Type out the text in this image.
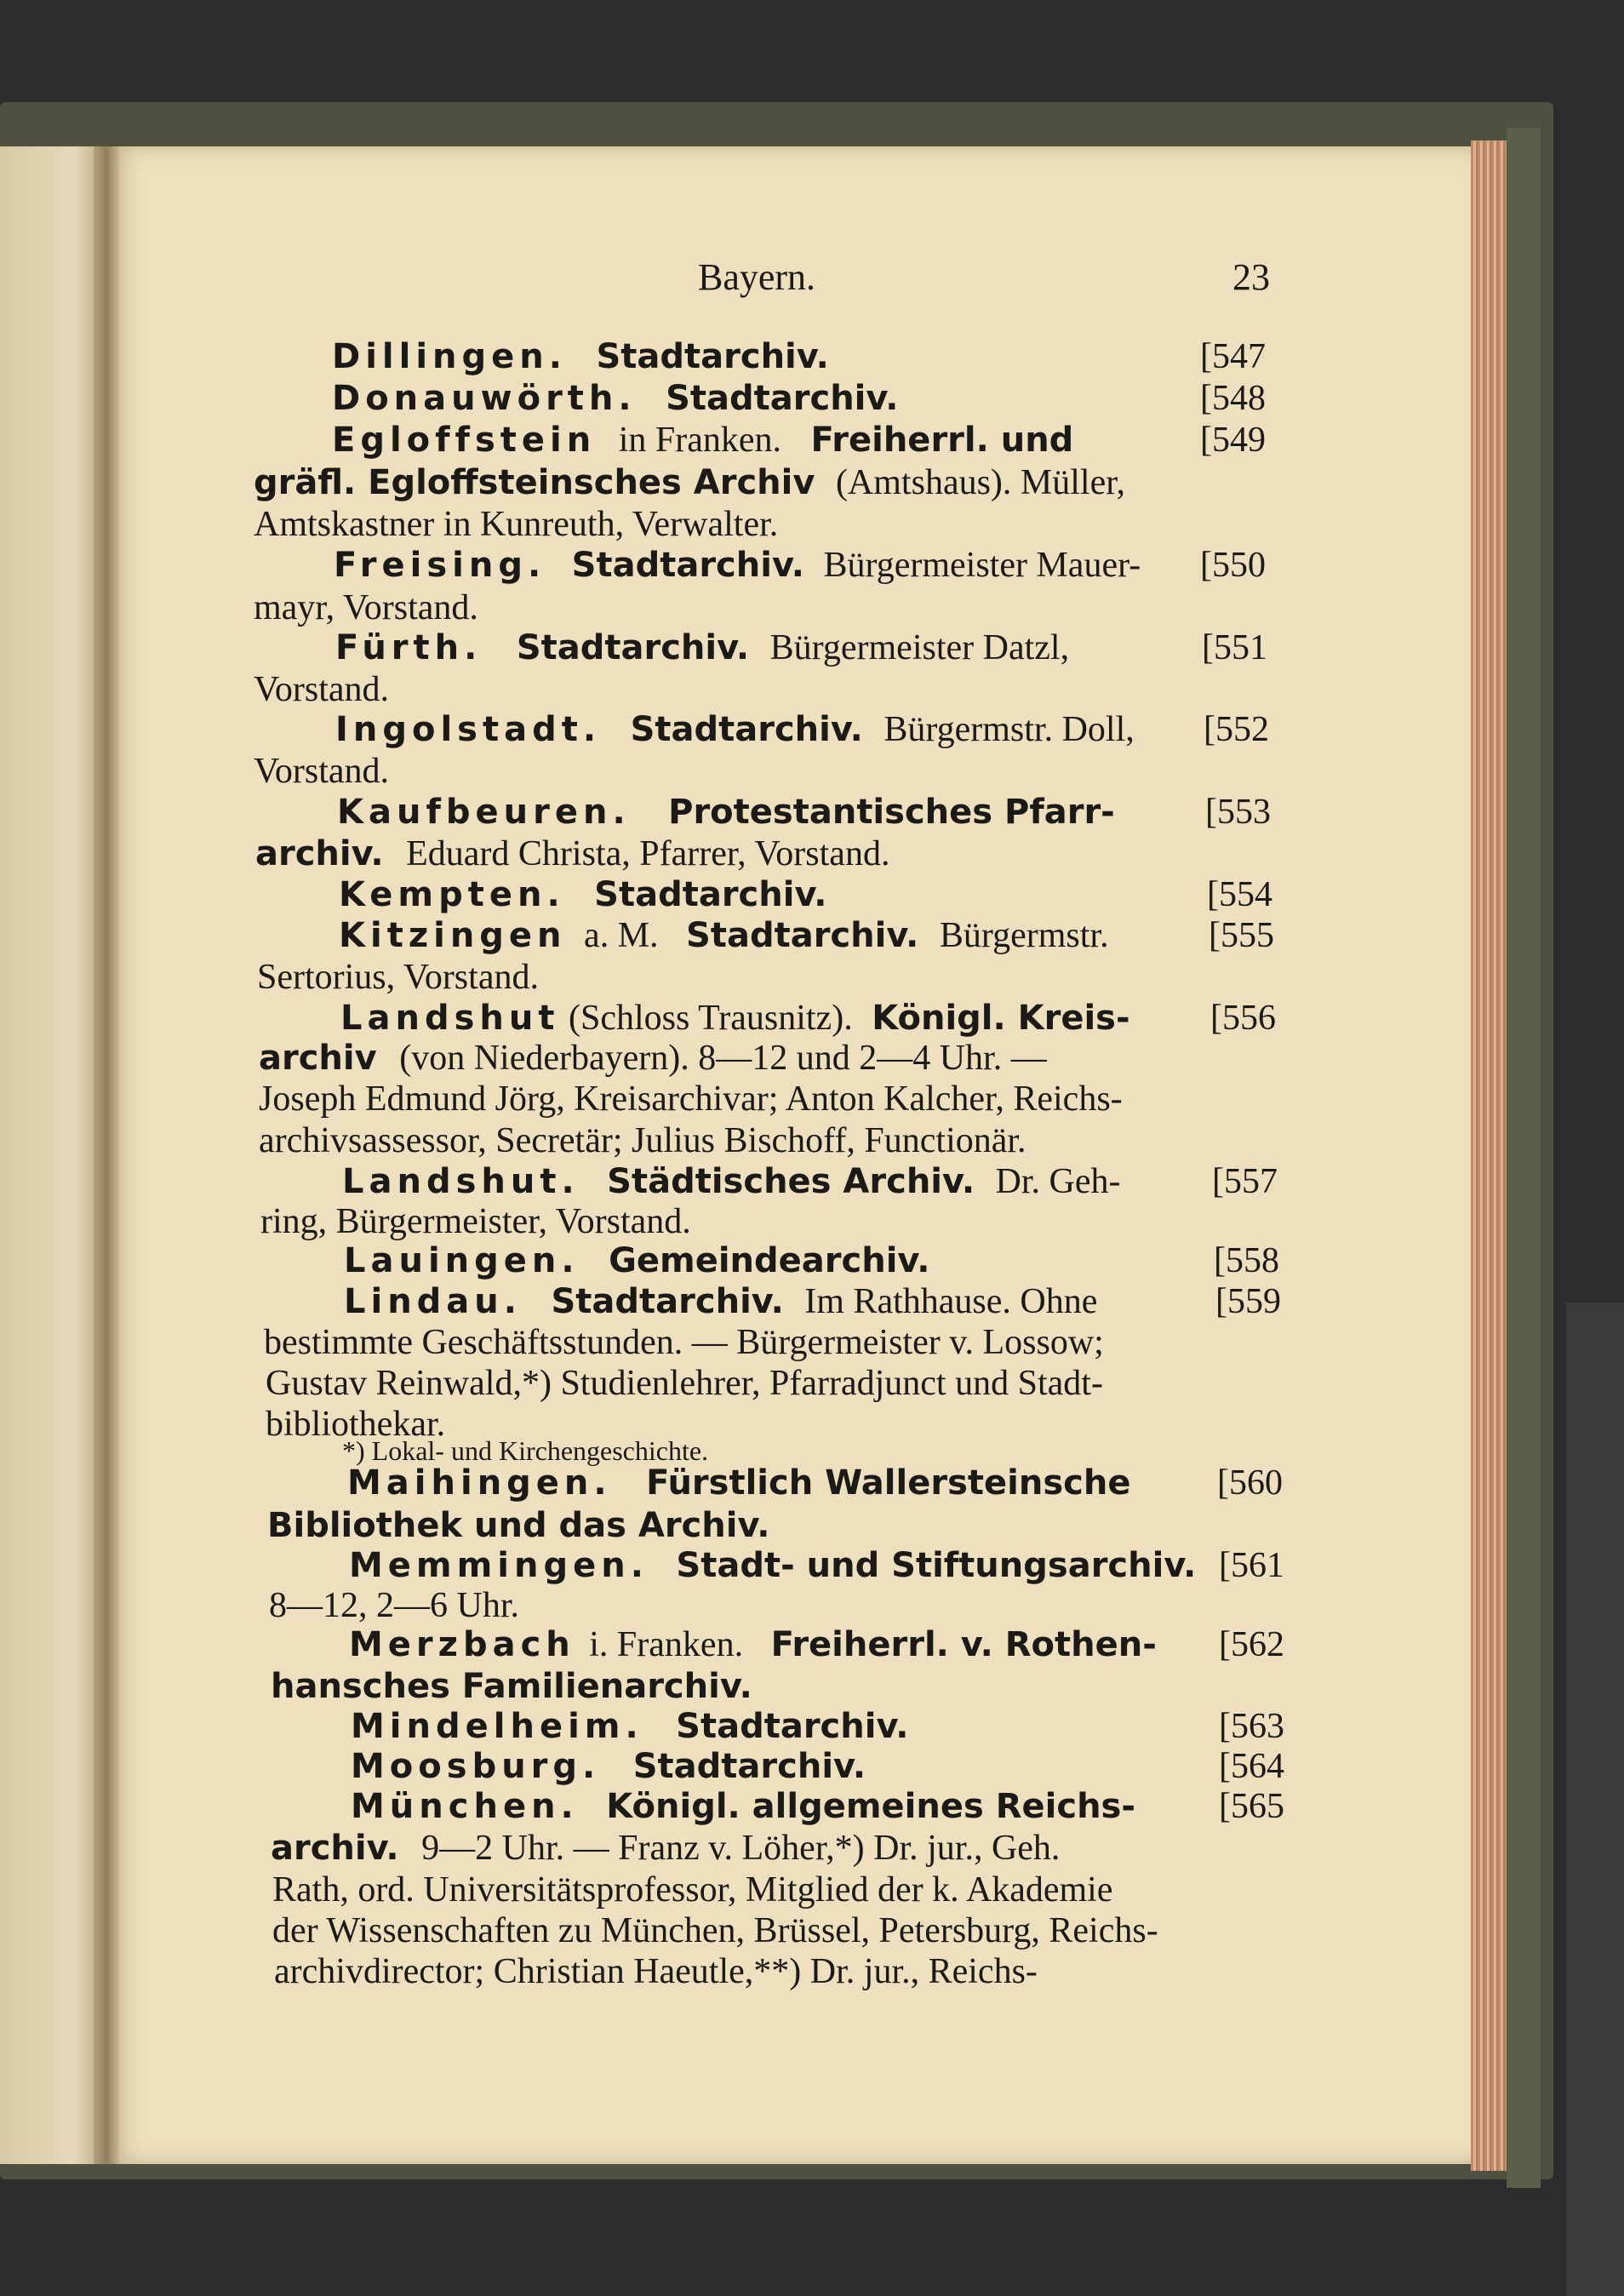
Bayern.	23
Dillingen. Stadtarchiv.	[547
Donauwörth. Stadtarchiv.	[548
Egloffstein in Franken. Freiherrl. und	[549
gräfl. Egloffsteinsches Archiv (Amtshaus). Müller,
Amtskastner in Kunreuth, Verwalter.
Freising. Stadtarchiv. Bürgermeister Mauer- [550
mayr, Vorstand.
Fürth. Stadtarchiv. Bürgermeister Datzl,	[551
Vorstand.
Ingolstadt. Stadtarchiv. Bürgermstr. Doll, [552
Vorstand.
Kaufbeuren. Protestantisches Pfarr-	[553
archiv. Eduard Christa, Pfarrer, Vorstand.
Kempten. Stadtarchiv.	[554
Kitzingen a. M. Stadtarchiv. Bürgermstr.	[555
Sertorius, Vorstand.
Landshut (Schloss Trausnitz). Königl. Kreis- [556
archiv (von Niederbayern). 8—12 und 2—4 Uhr. —
Joseph Edmund Jörg, Kreisarchivar; Anton Kalcher, Reichs-
archivsassessor, Secretär; Julius Bischoff, Functionär.
Landshut. Städtisches Archiv. Dr. Geh-	[557
ring, Bürgermeister, Vorstand.
Lauingen. Gemeindearchiv.	[558
Lindau. Stadtarchiv. Im Rathhause. Ohne	[559
bestimmte Geschäftsstunden. — Bürgermeister v. Lossow;
Gustav Reinwald,*) Studienlehrer, Pfarradjunct und Stadt-
bibliothekar.
*) Lokal- und Kirchengeschichte.
Maihingen. Fürstlich Wallersteinsche [560
Bibliothek und das Archiv.
Memmingen. Stadt- und Stiftungsarchiv. [561
8—12, 2—6 Uhr.
Merzbach i. Franken. Freiherrl. v. Rothen- [562
hansches Familienarchiv.
Mindelheim. Stadtarchiv.	[563
Moosburg. Stadtarchiv.	[564
München. Königl. allgemeines Reichs- [565
archiv. 9—2 Uhr. — Franz v. Löher,*) Dr. jur., Geh.
Rath, ord. Universitätsprofessor, Mitglied der k. Akademie
der Wissenschaften zu München, Brüssel, Petersburg, Reichs-
archivdirector; Christian Haeutle,**) Dr. jur., Reichs-
